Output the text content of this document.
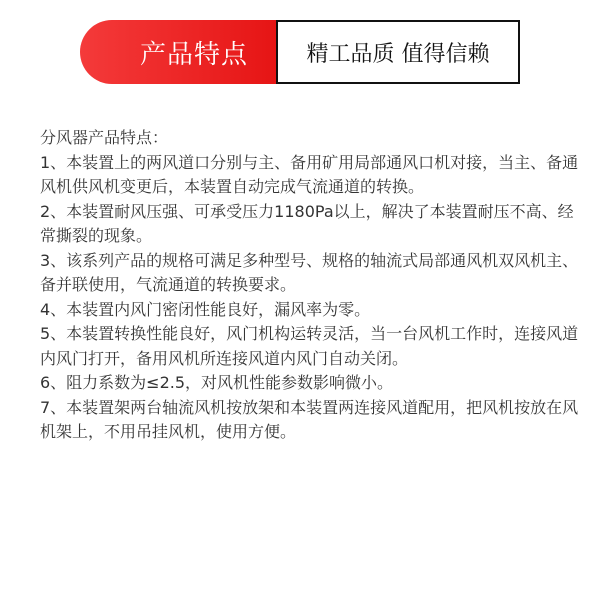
产品特点	精工品质 值得信赖

分风器产品特点：

1、本装置上的两风道口分别与主、备用矿用局部通风口机对接，当主、备通风机供风机变更后，本装置自动完成气流通道的转换。

2、本装置耐风压强、可承受压力1180Pa以上，解决了本装置耐压不高、经常撕裂的现象。

3、该系列产品的规格可满足多种型号、规格的轴流式局部通风机双风机主、备并联使用，气流通道的转换要求。

4、本装置内风门密闭性能良好，漏风率为零。

5、本装置转换性能良好，风门机构运转灵活，当一台风机工作时，连接风道内风门打开，备用风机所连接风道内风门自动关闭。

6、阻力系数为≤2.5，对风机性能参数影响微小。

7、本装置架两台轴流风机按放架和本装置两连接风道配用，把风机按放在风机架上，不用吊挂风机，使用方便。
